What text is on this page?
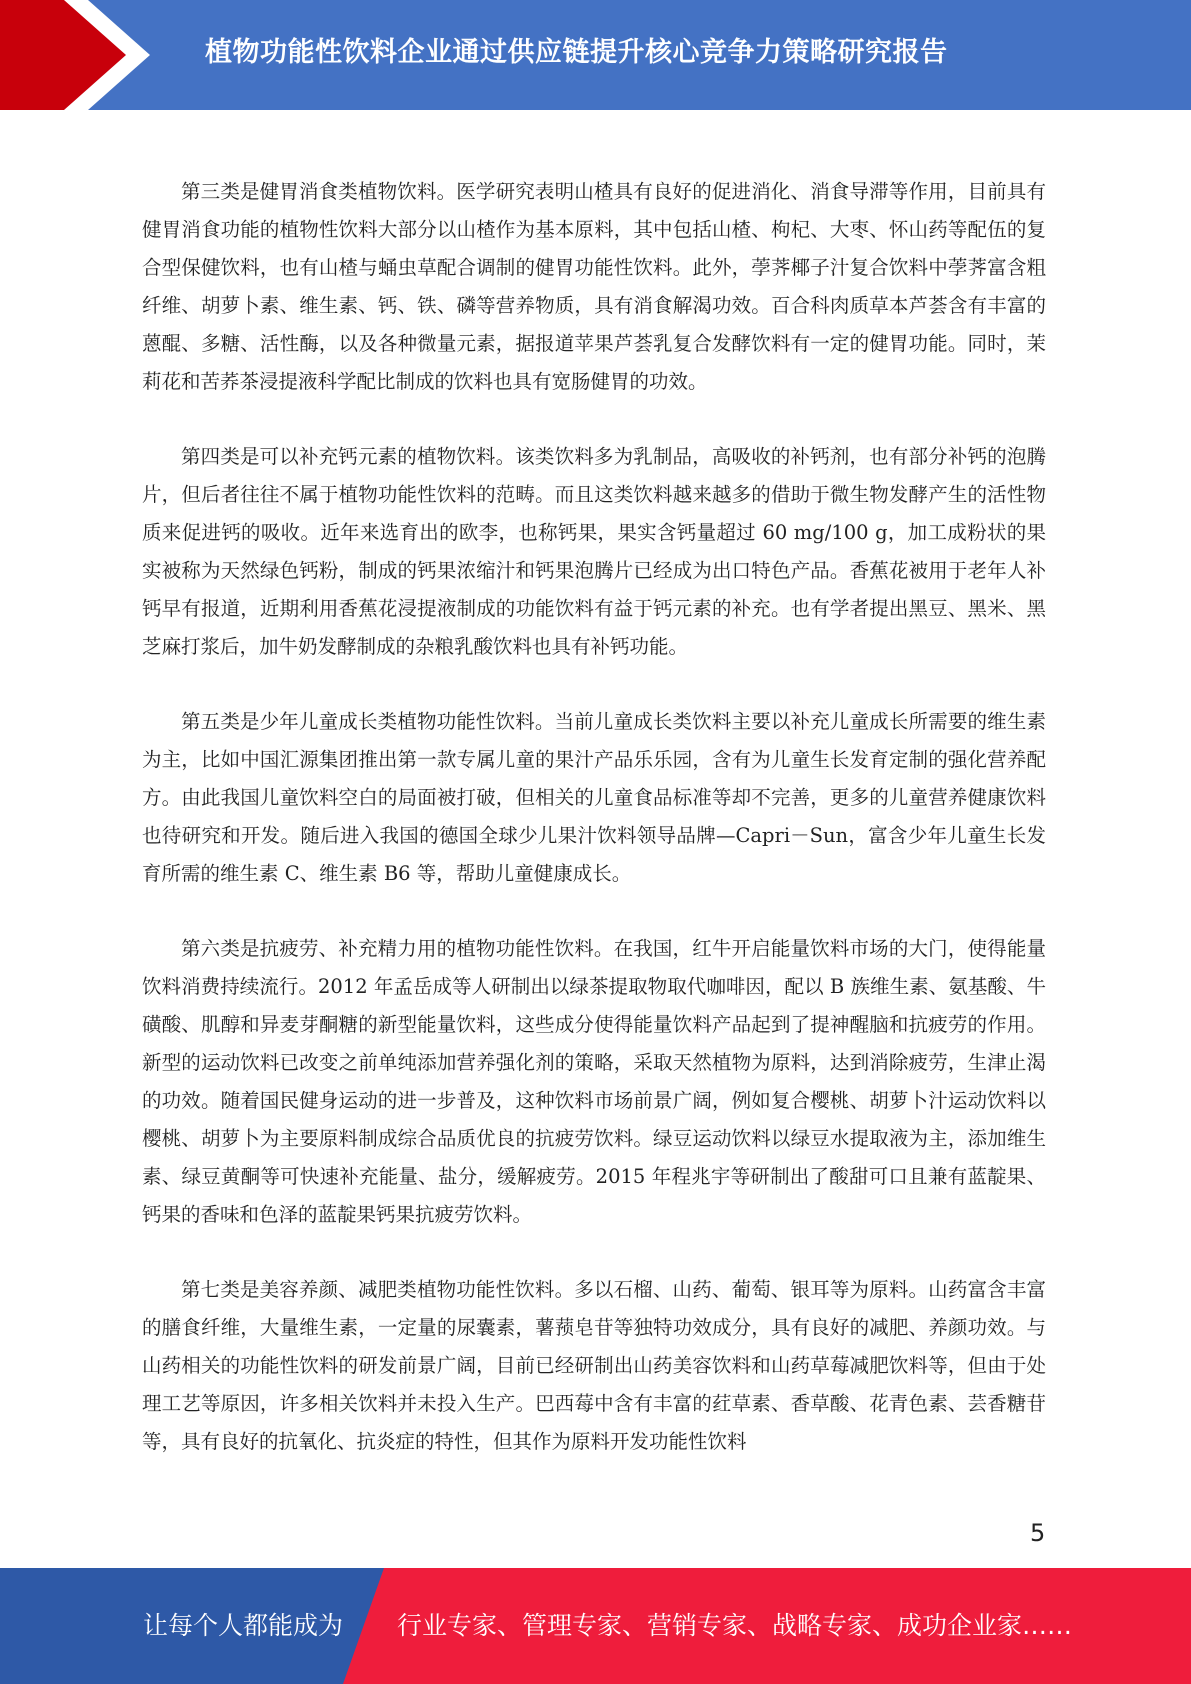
植物功能性饮料企业通过供应链提升核心竞争力策略研究报告

第三类是健胃消食类植物饮料。医学研究表明山楂具有良好的促进消化、消食导滞等作用，目前具有健胃消食功能的植物性饮料大部分以山楂作为基本原料，其中包括山楂、枸杞、大枣、怀山药等配伍的复合型保健饮料，也有山楂与蛹虫草配合调制的健胃功能性饮料。此外，荸荠椰子汁复合饮料中荸荠富含粗纤维、胡萝卜素、维生素、钙、铁、磷等营养物质，具有消食解渴功效。百合科肉质草本芦荟含有丰富的蒽醌、多糖、活性酶，以及各种微量元素，据报道苹果芦荟乳复合发酵饮料有一定的健胃功能。同时，茉莉花和苦荞茶浸提液科学配比制成的饮料也具有宽肠健胃的功效。

第四类是可以补充钙元素的植物饮料。该类饮料多为乳制品，高吸收的补钙剂，也有部分补钙的泡腾片，但后者往往不属于植物功能性饮料的范畴。而且这类饮料越来越多的借助于微生物发酵产生的活性物质来促进钙的吸收。近年来选育出的欧李，也称钙果，果实含钙量超过 60 mg/100 g，加工成粉状的果实被称为天然绿色钙粉，制成的钙果浓缩汁和钙果泡腾片已经成为出口特色产品。香蕉花被用于老年人补钙早有报道，近期利用香蕉花浸提液制成的功能饮料有益于钙元素的补充。也有学者提出黑豆、黑米、黑芝麻打浆后，加牛奶发酵制成的杂粮乳酸饮料也具有补钙功能。

第五类是少年儿童成长类植物功能性饮料。当前儿童成长类饮料主要以补充儿童成长所需要的维生素为主，比如中国汇源集团推出第一款专属儿童的果汁产品乐乐园，含有为儿童生长发育定制的强化营养配方。由此我国儿童饮料空白的局面被打破，但相关的儿童食品标准等却不完善，更多的儿童营养健康饮料也待研究和开发。随后进入我国的德国全球少儿果汁饮料领导品牌—Capri－Sun，富含少年儿童生长发育所需的维生素 C、维生素 B6 等，帮助儿童健康成长。

第六类是抗疲劳、补充精力用的植物功能性饮料。在我国，红牛开启能量饮料市场的大门，使得能量饮料消费持续流行。2012 年孟岳成等人研制出以绿茶提取物取代咖啡因，配以 B 族维生素、氨基酸、牛磺酸、肌醇和异麦芽酮糖的新型能量饮料，这些成分使得能量饮料产品起到了提神醒脑和抗疲劳的作用。新型的运动饮料已改变之前单纯添加营养强化剂的策略，采取天然植物为原料，达到消除疲劳，生津止渴的功效。随着国民健身运动的进一步普及，这种饮料市场前景广阔，例如复合樱桃、胡萝卜汁运动饮料以樱桃、胡萝卜为主要原料制成综合品质优良的抗疲劳饮料。绿豆运动饮料以绿豆水提取液为主，添加维生素、绿豆黄酮等可快速补充能量、盐分，缓解疲劳。2015 年程兆宇等研制出了酸甜可口且兼有蓝靛果、钙果的香味和色泽的蓝靛果钙果抗疲劳饮料。

第七类是美容养颜、减肥类植物功能性饮料。多以石榴、山药、葡萄、银耳等为原料。山药富含丰富的膳食纤维，大量维生素，一定量的尿囊素，薯蓣皂苷等独特功效成分，具有良好的减肥、养颜功效。与山药相关的功能性饮料的研发前景广阔，目前已经研制出山药美容饮料和山药草莓减肥饮料等，但由于处理工艺等原因，许多相关饮料并未投入生产。巴西莓中含有丰富的荭草素、香草酸、花青色素、芸香糖苷等，具有良好的抗氧化、抗炎症的特性，但其作为原料开发功能性饮料

5
让每个人都能成为 行业专家、管理专家、营销专家、战略专家、成功企业家……
